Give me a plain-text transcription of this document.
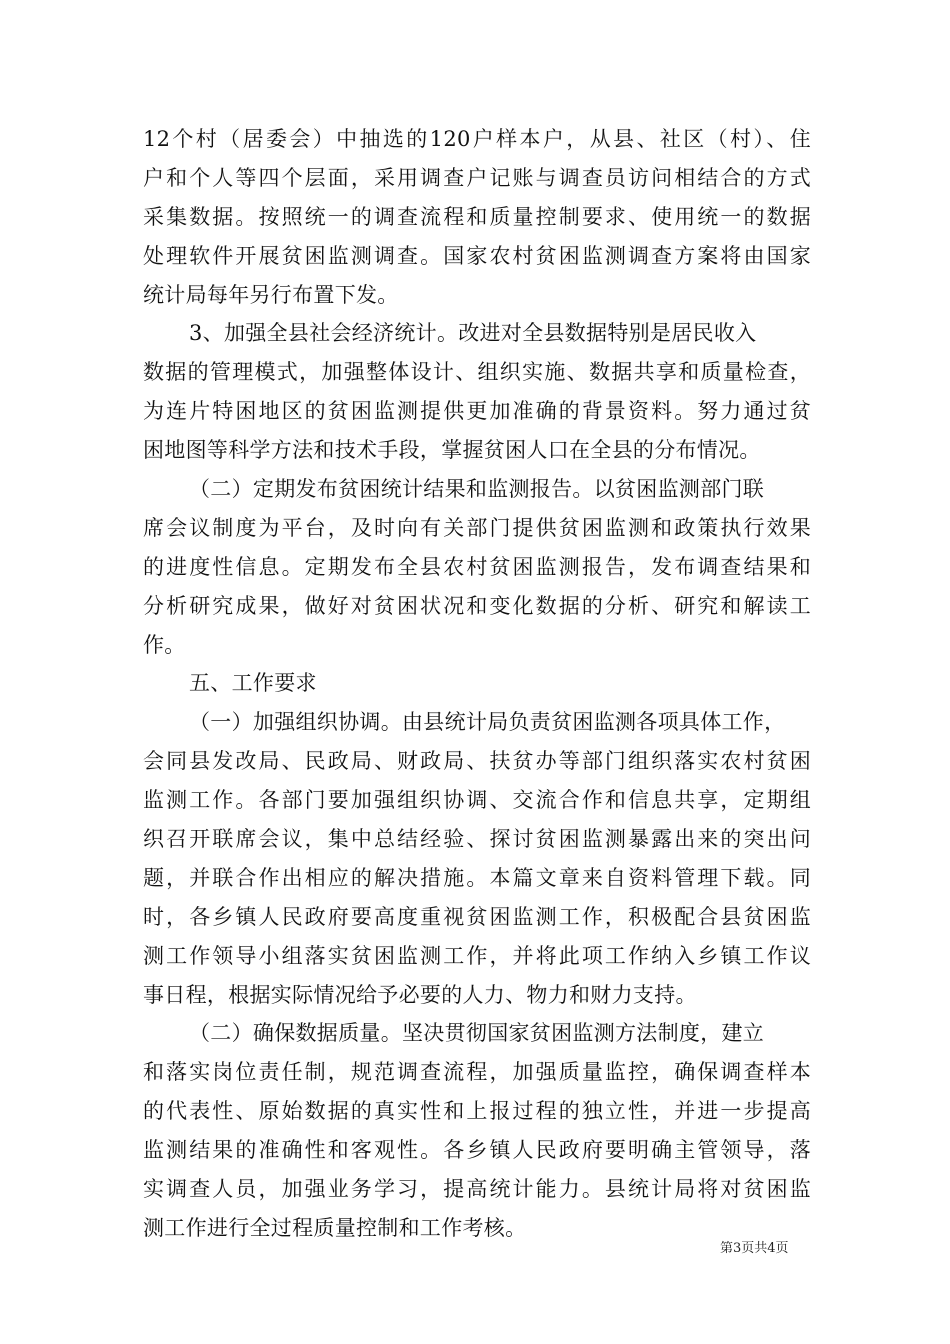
12个村（居委会）中抽选的120户样本户，从县、社区（村）、住
户和个人等四个层面，采用调查户记账与调查员访问相结合的方式
采集数据。按照统一的调查流程和质量控制要求、使用统一的数据
处理软件开展贫困监测调查。国家农村贫困监测调查方案将由国家
统计局每年另行布置下发。
3、加强全县社会经济统计。改进对全县数据特别是居民收入
数据的管理模式，加强整体设计、组织实施、数据共享和质量检查，
为连片特困地区的贫困监测提供更加准确的背景资料。努力通过贫
困地图等科学方法和技术手段，掌握贫困人口在全县的分布情况。
（二）定期发布贫困统计结果和监测报告。以贫困监测部门联
席会议制度为平台，及时向有关部门提供贫困监测和政策执行效果
的进度性信息。定期发布全县农村贫困监测报告，发布调查结果和
分析研究成果，做好对贫困状况和变化数据的分析、研究和解读工
作。
五、工作要求
（一）加强组织协调。由县统计局负责贫困监测各项具体工作，
会同县发改局、民政局、财政局、扶贫办等部门组织落实农村贫困
监测工作。各部门要加强组织协调、交流合作和信息共享，定期组
织召开联席会议，集中总结经验、探讨贫困监测暴露出来的突出问
题，并联合作出相应的解决措施。本篇文章来自资料管理下载。同
时，各乡镇人民政府要高度重视贫困监测工作，积极配合县贫困监
测工作领导小组落实贫困监测工作，并将此项工作纳入乡镇工作议
事日程，根据实际情况给予必要的人力、物力和财力支持。
（二）确保数据质量。坚决贯彻国家贫困监测方法制度，建立
和落实岗位责任制，规范调查流程，加强质量监控，确保调查样本
的代表性、原始数据的真实性和上报过程的独立性，并进一步提高
监测结果的准确性和客观性。各乡镇人民政府要明确主管领导，落
实调查人员，加强业务学习，提高统计能力。县统计局将对贫困监
测工作进行全过程质量控制和工作考核。
第3页共4页
